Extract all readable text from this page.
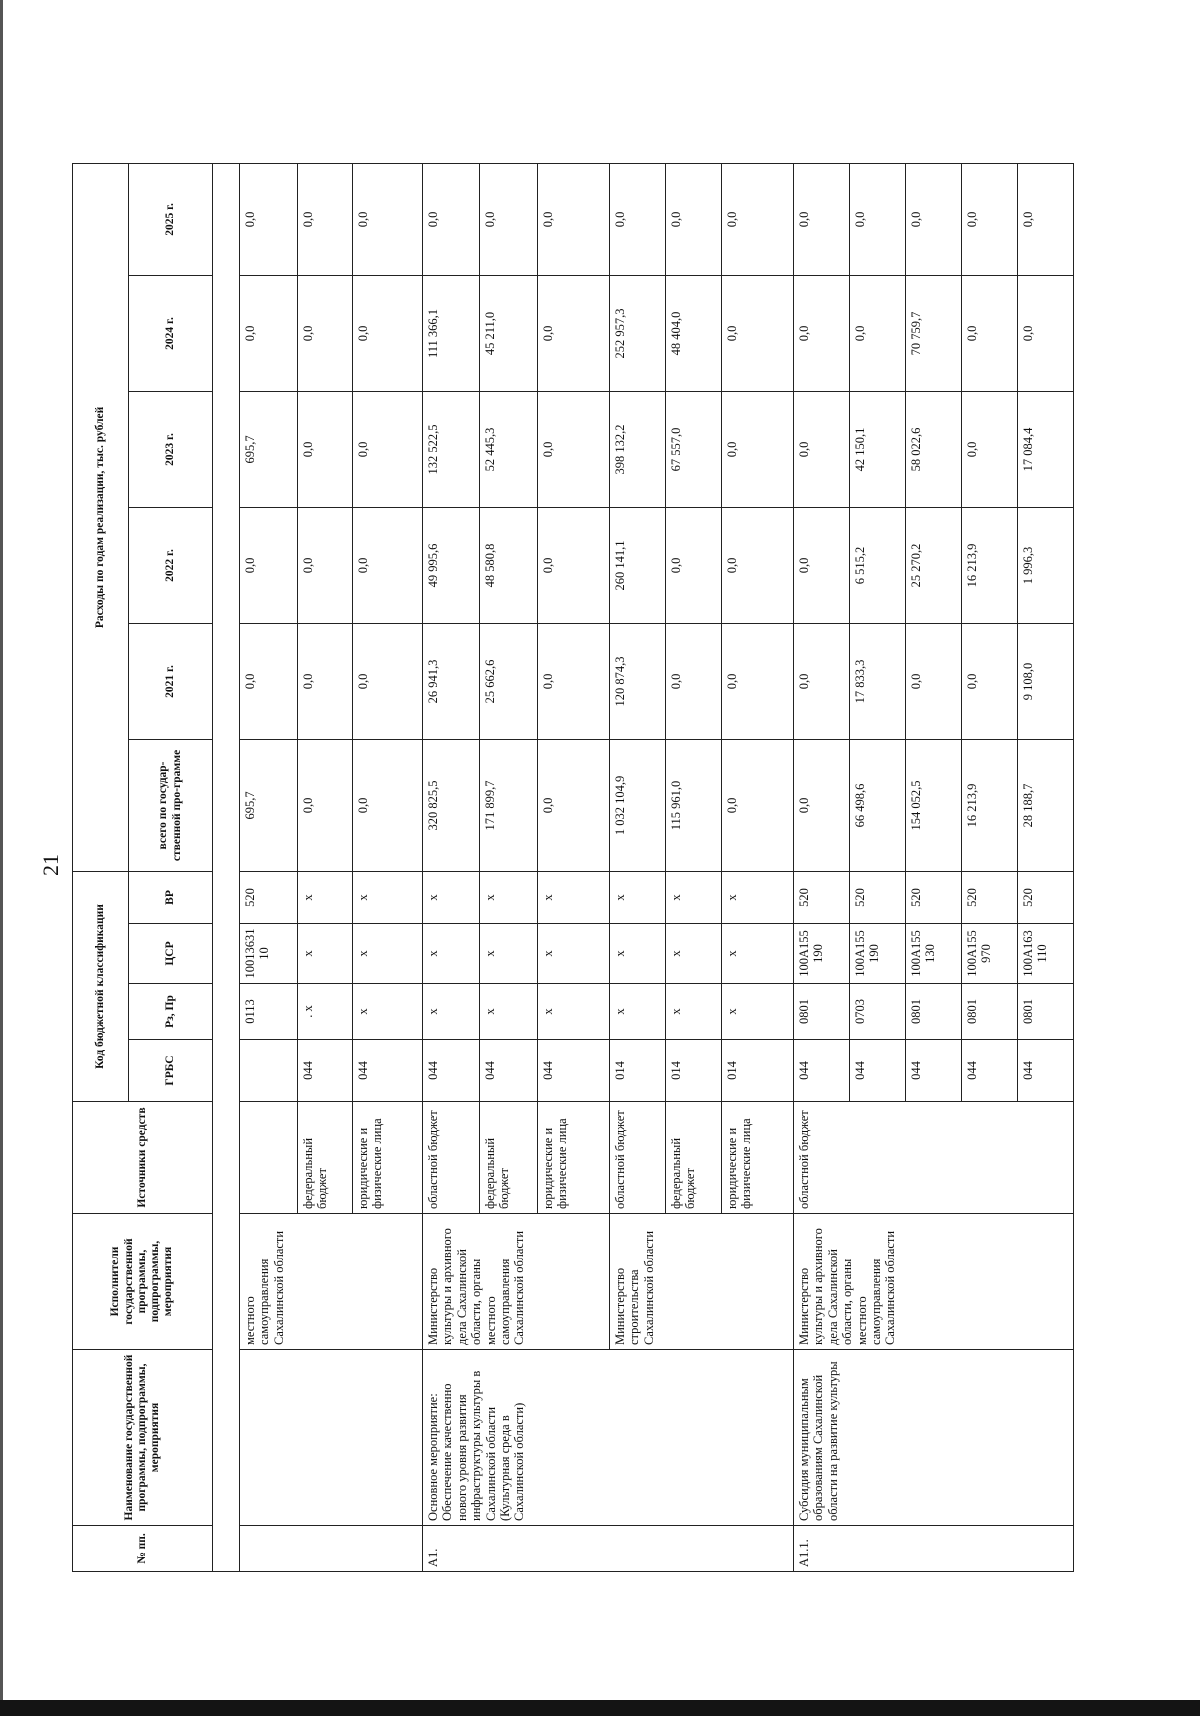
21
№ пп.	Наименование государственной программы, подпрограммы, мероприятия	Исполнители государственной программы, подпрограммы, мероприятия	Источники средств	Код бюджетной классификации				Расходы по годам реализации, тыс. рублей					
				ГРБС	Рз, Пр	ЦСР	ВР	всего по государ-ственной про-грамме	2021 г.	2022 г.	2023 г.	2024 г.	2025 г.

		местного самоуправления Сахалинской области			0113	10013631 10	520	695,7	0,0	0,0	695,7	0,0	0,0
			федеральный бюджет	044	. х	х	х	0,0	0,0	0,0	0,0	0,0	0,0
			юридические и физические лица	044	х	х	х	0,0	0,0	0,0	0,0	0,0	0,0
А1.	Основное мероприятие: Обеспечение качественно нового уровня развития инфраструктуры культуры в Сахалинской области (Культурная среда в Сахалинской области)	Министерство культуры и архивного дела Сахалинской области, органы местного самоуправления Сахалинской области	областной бюджет	044	х	х	х	320 825,5	26 941,3	49 995,6	132 522,5	111 366,1	0,0
			федеральный бюджет	044	х	х	х	171 899,7	25 662,6	48 580,8	52 445,3	45 211,0	0,0
			юридические и физические лица	044	х	х	х	0,0	0,0	0,0	0,0	0,0	0,0
		Министерство строительства Сахалинской области	областной бюджет	014	х	х	х	1 032 104,9	120 874,3	260 141,1	398 132,2	252 957,3	0,0
			федеральный бюджет	014	х	х	х	115 961,0	0,0	0,0	67 557,0	48 404,0	0,0
			юридические и физические лица	014	х	х	х	0,0	0,0	0,0	0,0	0,0	0,0
А1.1.	Субсидия муниципальным образованиям Сахалинской области на развитие культуры	Министерство культуры и архивного дела Сахалинской области, органы местного самоуправления Сахалинской области	областной бюджет	044	0801	100А155 190	520	0,0	0,0	0,0	0,0	0,0	0,0
				044	0703	100А155 190	520	66 498,6	17 833,3	6 515,2	42 150,1	0,0	0,0
				044	0801	100А155 130	520	154 052,5	0,0	25 270,2	58 022,6	70 759,7	0,0
				044	0801	100А155 970	520	16 213,9	0,0	16 213,9	0,0	0,0	0,0
				044	0801	100А163 110	520	28 188,7	9 108,0	1 996,3	17 084,4	0,0	0,0
